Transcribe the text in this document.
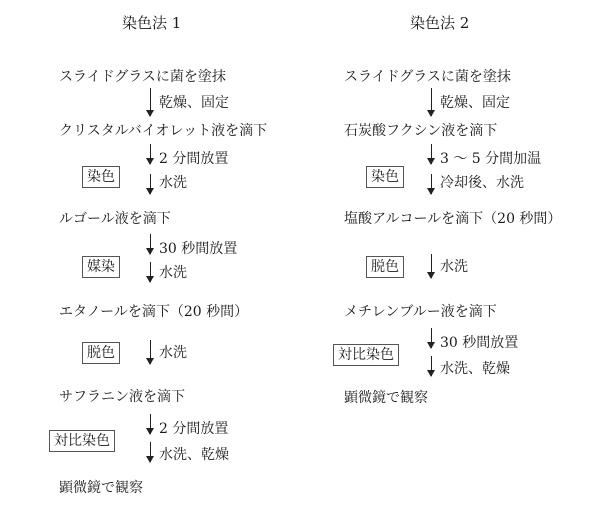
染色法 1
スライドグラスに菌を塗抹
乾燥、固定
クリスタルバイオレット液を滴下
2 分間放置
水洗
染色
ルゴール液を滴下
30 秒間放置
水洗
媒染
エタノールを滴下（20 秒間）
水洗
脱色
サフラニン液を滴下
2 分間放置
水洗、乾燥
対比染色
顕微鏡で観察
染色法 2
スライドグラスに菌を塗抹
乾燥、固定
石炭酸フクシン液を滴下
3 ～ 5 分間加温
冷却後、水洗
染色
塩酸アルコールを滴下（20 秒間）
水洗
脱色
メチレンブルー液を滴下
30 秒間放置
水洗、乾燥
対比染色
顕微鏡で観察
